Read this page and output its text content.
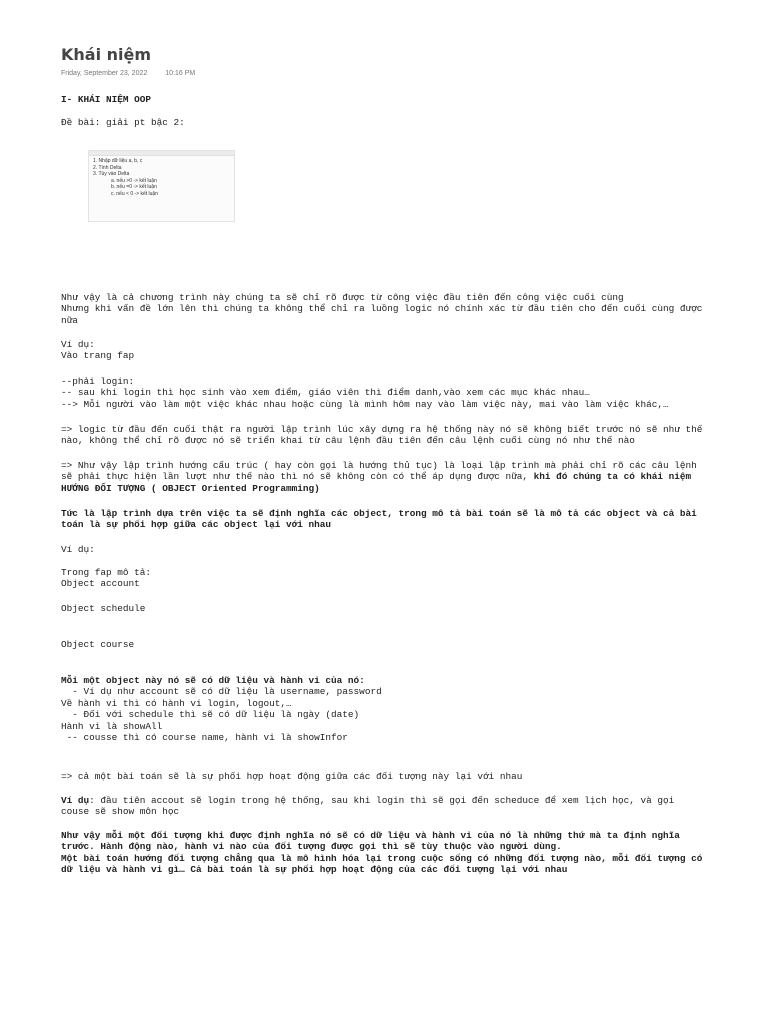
Khái niệm
Friday, September 23, 2022	10:16 PM
I- KHÁI NIỆM OOP
Đề bài: giải pt bậc 2:
1. Nhập dữ liệu a, b, c
2. Tính Delta
3. Tùy vào Delta
a. nếu >0 -> kết luận
b. nếu =0 -> kết luận
c. nếu < 0 -> kết luận
Như vậy là cả chương trình này chúng ta sẽ chỉ rõ được từ công việc đầu tiên đến công việc cuối cùng
Nhưng khi vấn đề lớn lên thì chúng ta không thể chỉ ra luồng logic nó chính xác từ đầu tiên cho đến cuối cùng được
nữa
Ví dụ:
Vào trang fap
--phải login:
-- sau khi login thì học sinh vào xem điểm, giáo viên thì điểm danh,vào xem các mục khác nhau…
--> Mỗi người vào làm một việc khác nhau hoặc cùng là mình hôm nay vào làm việc này, mai vào làm việc khác,…
=> logic từ đầu đến cuối thật ra người lập trình lúc xây dựng ra hệ thống này nó sẽ không biết trước nó sẽ như thế
nào, không thể chỉ rõ được nó sẽ triển khai từ câu lệnh đầu tiên đến câu lệnh cuối cùng nó như thế nào
=> Như vậy lập trình hướng cấu trúc ( hay còn gọi là hướng thủ tục) là loại lập trình mà phải chỉ rõ các câu lệnh
sẽ phải thực hiện lần lượt như thế nào thì nó sẽ không còn có thể áp dụng được nữa, khi đó chúng ta có khái niệm
HƯỚNG ĐỐI TƯỢNG ( OBJECT Oriented Programming)
Tức là lập trình dựa trên việc ta sẽ định nghĩa các object, trong mô tả bài toán sẽ là mô tả các object và cả bài
toán là sự phối hợp giữa các object lại với nhau
Ví dụ:
Trong fap mô tả:
Object account
Object schedule
Object course
Mỗi một object này nó sẽ có dữ liệu và hành vi của nó:
- Ví dụ như account sẽ có dữ liệu là username, password
Về hành vi thì có hành vi login, logout,…
- Đối với schedule thì sẽ có dữ liệu là ngày (date)
Hành vi là showAll
-- cousse thì có course name, hành vi là showInfor
=> cả một bài toán sẽ là sự phối hợp hoạt động giữa các đối tượng này lại với nhau
Ví dụ: đầu tiên accout sẽ login trong hệ thống, sau khi login thì sẽ gọi đến scheduce để xem lịch học, và gọi
couse sẽ show môn học
Như vậy mỗi một đối tượng khi được định nghĩa nó sẽ có dữ liệu và hành vi của nó là những thứ mà ta định nghĩa
trước. Hành động nào, hành vi nào của đối tượng được gọi thì sẽ tùy thuộc vào người dùng.
Một bài toán hướng đối tượng chẳng qua là mô hình hóa lại trong cuộc sống có những đối tượng nào, mỗi đối tượng có
dữ liệu và hành vi gì… Cả bài toán là sự phối hợp hoạt động của các đối tượng lại với nhau
